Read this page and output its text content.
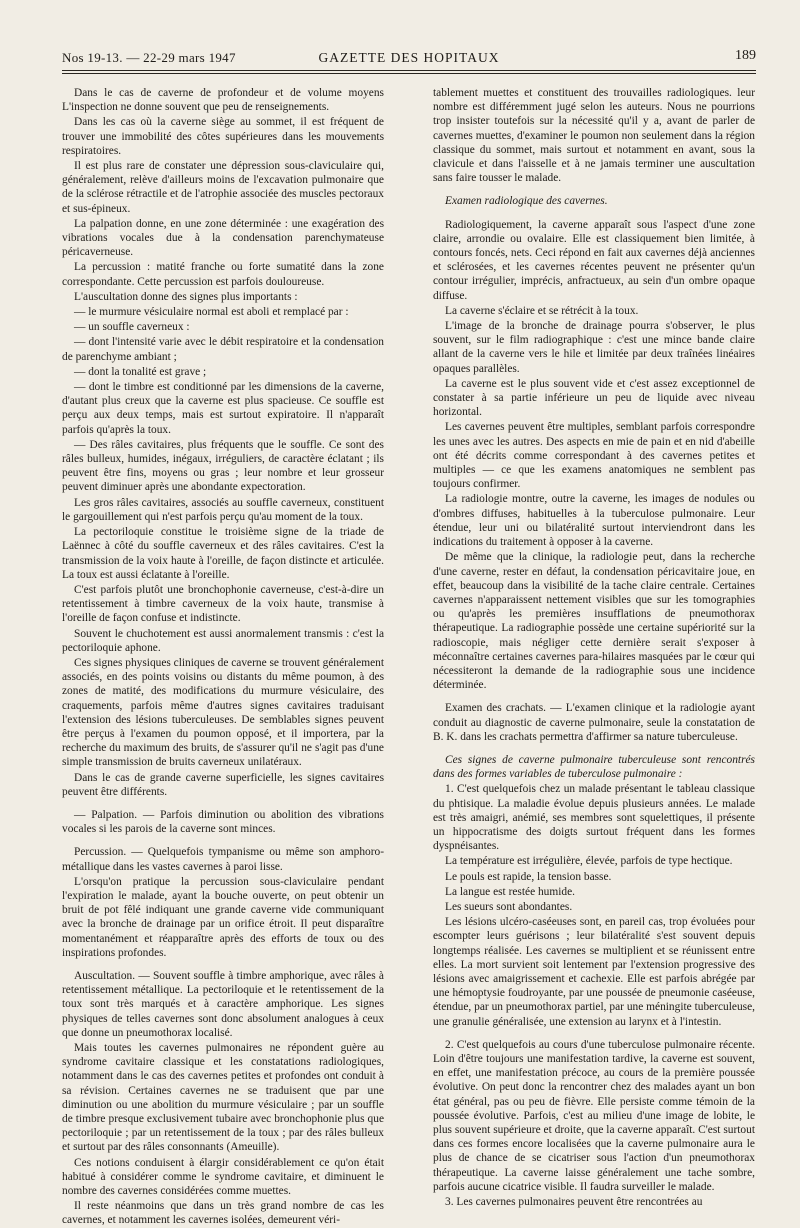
Nos 19-13. — 22-29 mars 1947	GAZETTE DES HOPITAUX	189

Dans le cas de caverne de profondeur et de volume moyens L'inspection ne donne souvent que peu de renseignements.

Dans les cas où la caverne siège au sommet, il est fréquent de trouver une immobilité des côtes supérieures dans les mouvements respiratoires.

Il est plus rare de constater une dépression sous-claviculaire qui, généralement, relève d'ailleurs moins de l'excavation pulmonaire que de la sclérose rétractile et de l'atrophie associée des muscles pectoraux et sus-épineux.

La palpation donne, en une zone déterminée : une exagération des vibrations vocales due à la condensation parenchymateuse péricaverneuse.

La percussion : matité franche ou forte sumatité dans la zone correspondante. Cette percussion est parfois douloureuse.

L'auscultation donne des signes plus importants :

— le murmure vésiculaire normal est aboli et remplacé par :

— un souffle caverneux :

— dont l'intensité varie avec le débit respiratoire et la condensation de parenchyme ambiant ;

— dont la tonalité est grave ;

— dont le timbre est conditionné par les dimensions de la caverne, d'autant plus creux que la caverne est plus spacieuse. Ce souffle est perçu aux deux temps, mais est surtout expiratoire. Il n'apparaît parfois qu'après la toux.

— Des râles cavitaires, plus fréquents que le souffle. Ce sont des râles bulleux, humides, inégaux, irréguliers, de caractère éclatant ; ils peuvent être fins, moyens ou gras ; leur nombre et leur grosseur peuvent diminuer après une abondante expectoration.

Les gros râles cavitaires, associés au souffle caverneux, constituent le gargouillement qui n'est parfois perçu qu'au moment de la toux.

La pectoriloquie constitue le troisième signe de la triade de Laënnec à côté du souffle caverneux et des râles cavitaires. C'est la transmission de la voix haute à l'oreille, de façon distincte et articulée. La toux est aussi éclatante à l'oreille.

C'est parfois plutôt une bronchophonie caverneuse, c'est-à-dire un retentissement à timbre caverneux de la voix haute, transmise à l'oreille de façon confuse et indistincte.

Souvent le chuchotement est aussi anormalement transmis : c'est la pectoriloquie aphone.

Ces signes physiques cliniques de caverne se trouvent généralement associés, en des points voisins ou distants du même poumon, à des zones de matité, des modifications du murmure vésiculaire, des craquements, parfois même d'autres signes cavitaires traduisant l'extension des lésions tuberculeuses. De semblables signes peuvent être perçus à l'examen du poumon opposé, et il importera, par la recherche du maximum des bruits, de s'assurer qu'il ne s'agit pas d'une simple transmission de bruits caverneux unilatéraux.

Dans le cas de grande caverne superficielle, les signes cavitaires peuvent être différents.

— Palpation. — Parfois diminution ou abolition des vibrations vocales si les parois de la caverne sont minces.

Percussion. — Quelquefois tympanisme ou même son amphoro-métallique dans les vastes cavernes à paroi lisse.

L'orsqu'on pratique la percussion sous-claviculaire pendant l'expiration le malade, ayant la bouche ouverte, on peut obtenir un bruit de pot fêlé indiquant une grande caverne vide communiquant avec la bronche de drainage par un orifice étroit. Il peut disparaître momentanément et réapparaître après des efforts de toux ou des inspirations profondes.

Auscultation. — Souvent souffle à timbre amphorique, avec râles à retentissement métallique. La pectoriloquie et le retentissement de la toux sont très marqués et à caractère amphorique. Les signes physiques de telles cavernes sont donc absolument analogues à ceux que donne un pneumothorax localisé.

Mais toutes les cavernes pulmonaires ne répondent guère au syndrome cavitaire classique et les constatations radiologiques, notamment dans le cas des cavernes petites et profondes ont conduit à sa révision. Certaines cavernes ne se traduisent que par une diminution ou une abolition du murmure vésiculaire ; par un souffle de timbre presque exclusivement tubaire avec bronchophonie plus que pectoriloquie ; par un retentissement de la toux ; par des râles bulleux et surtout par des râles consonnants (Ameuille).

Ces notions conduisent à élargir considérablement ce qu'on était habitué à considérer comme le syndrome cavitaire, et diminuent le nombre des cavernes considérées comme muettes.

Il reste néanmoins que dans un très grand nombre de cas les cavernes, et notamment les cavernes isolées, demeurent véri-

tablement muettes et constituent des trouvailles radiologiques. leur nombre est différemment jugé selon les auteurs. Nous ne pourrions trop insister toutefois sur la nécessité qu'il y a, avant de parler de cavernes muettes, d'examiner le poumon non seulement dans la région classique du sommet, mais surtout et notamment en avant, sous la clavicule et dans l'aisselle et à ne jamais terminer une auscultation sans faire tousser le malade.

Examen radiologique des cavernes.

Radiologiquement, la caverne apparaît sous l'aspect d'une zone claire, arrondie ou ovalaire. Elle est classiquement bien limitée, à contours foncés, nets. Ceci répond en fait aux cavernes déjà anciennes et sclérosées, et les cavernes récentes peuvent ne présenter qu'un contour irrégulier, imprécis, anfractueux, au sein d'un ombre opaque diffuse.

La caverne s'éclaire et se rétrécit à la toux.

L'image de la bronche de drainage pourra s'observer, le plus souvent, sur le film radiographique : c'est une mince bande claire allant de la caverne vers le hile et limitée par deux traînées linéaires opaques parallèles.

La caverne est le plus souvent vide et c'est assez exceptionnel de constater à sa partie inférieure un peu de liquide avec niveau horizontal.

Les cavernes peuvent être multiples, semblant parfois correspondre les unes avec les autres. Des aspects en mie de pain et en nid d'abeille ont été décrits comme correspondant à des cavernes petites et multiples — ce que les examens anatomiques ne semblent pas toujours confirmer.

La radiologie montre, outre la caverne, les images de nodules ou d'ombres diffuses, habituelles à la tuberculose pulmonaire. Leur étendue, leur uni ou bilatéralité surtout interviendront dans les indications du traitement à opposer à la caverne.

De même que la clinique, la radiologie peut, dans la recherche d'une caverne, rester en défaut, la condensation péricavitaire joue, en effet, beaucoup dans la visibilité de la tache claire centrale. Certaines cavernes n'apparaissent nettement visibles que sur les tomographies ou qu'après les premières insufflations de pneumothorax thérapeutique. La radiographie possède une certaine supériorité sur la radioscopie, mais négliger cette dernière serait s'exposer à méconnaître certaines cavernes para-hilaires masquées par le cœur qui nécessiteront la demande de la radiographie sous une incidence déterminée.

Examen des crachats. — L'examen clinique et la radiologie ayant conduit au diagnostic de caverne pulmonaire, seule la constatation de B. K. dans les crachats permettra d'affirmer sa nature tuberculeuse.

Ces signes de caverne pulmonaire tuberculeuse sont rencontrés dans des formes variables de tuberculose pulmonaire :

1. C'est quelquefois chez un malade présentant le tableau classique du phtisique. La maladie évolue depuis plusieurs années. Le malade est très amaigri, anémié, ses membres sont squelettiques, il présente un hippocratisme des doigts surtout fréquent dans les formes dyspnéisantes.

La température est irrégulière, élevée, parfois de type hectique.

Le pouls est rapide, la tension basse.

La langue est restée humide.

Les sueurs sont abondantes.

Les lésions ulcéro-caséeuses sont, en pareil cas, trop évoluées pour escompter leurs guérisons ; leur bilatéralité s'est souvent depuis longtemps réalisée. Les cavernes se multiplient et se réunissent entre elles. La mort survient soit lentement par l'extension progressive des lésions avec amaigrissement et cachexie. Elle est parfois abrégée par une hémoptysie foudroyante, par une poussée de pneumonie caséeuse, étendue, par un pneumothorax partiel, par une méningite tuberculeuse, une granulie généralisée, une extension au larynx et à l'intestin.

2. C'est quelquefois au cours d'une tuberculose pulmonaire récente. Loin d'être toujours une manifestation tardive, la caverne est souvent, en effet, une manifestation précoce, au cours de la première poussée évolutive. On peut donc la rencontrer chez des malades ayant un bon état général, pas ou peu de fièvre. Elle persiste comme témoin de la poussée évolutive. Parfois, c'est au milieu d'une image de lobite, le plus souvent supérieure et droite, que la caverne apparaît. C'est surtout dans ces formes encore localisées que la caverne pulmonaire aura le plus de chance de se cicatriser sous l'action d'un pneumothorax thérapeutique. La caverne laisse généralement une tache sombre, parfois aucune cicatrice visible. Il faudra surveiller le malade.

3. Les cavernes pulmonaires peuvent être rencontrées au
